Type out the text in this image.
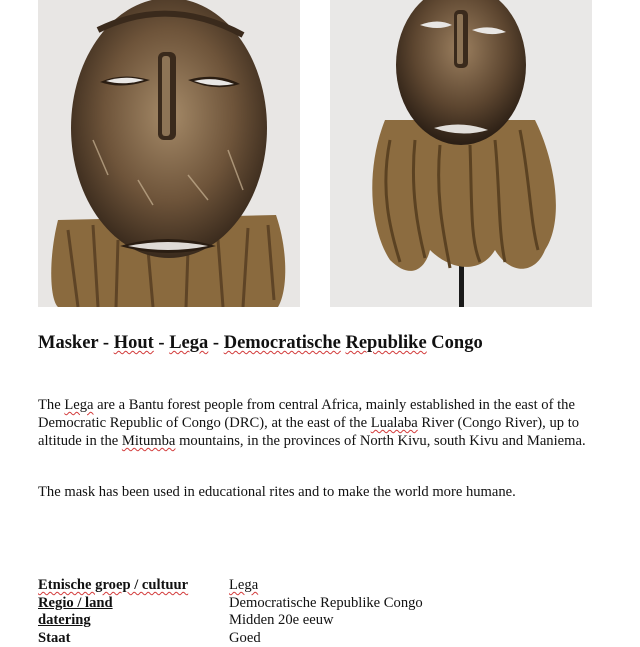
Masker - Hout - Lega - Democratische Republike Congo
The Lega are a Bantu forest people from central Africa, mainly established in the east of the Democratic Republic of Congo (DRC), at the east of the Lualaba River (Congo River), up to altitude in the Mitumba mountains, in the provinces of North Kivu, south Kivu and Maniema.
The mask has been used in educational rites and to make the world more humane.
Etnische groep / cultuur	Lega
Regio / land	Democratische Republike Congo
datering	Midden 20e eeuw
Staat	Goed
